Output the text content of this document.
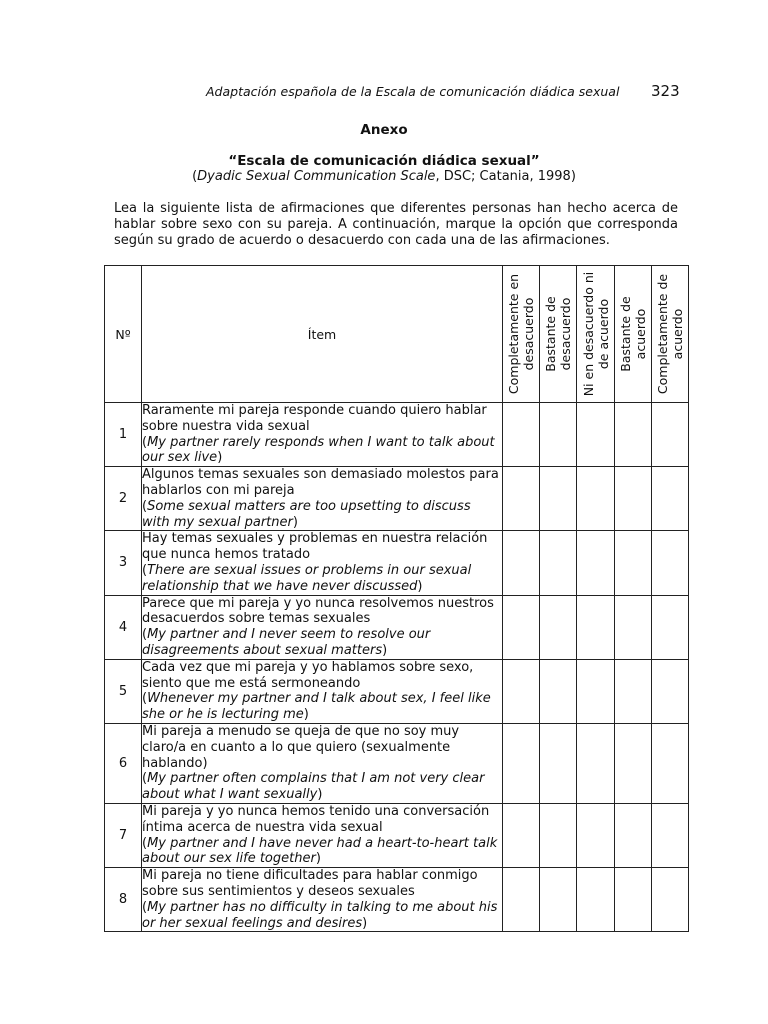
Adaptación española de la Escala de comunicación diádica sexual	323
Anexo
“Escala de comunicación diádica sexual”
(Dyadic Sexual Communication Scale, DSC; Catania, 1998)

Lea la siguiente lista de afirmaciones que diferentes personas han hecho acerca de hablar sobre sexo con su pareja. A continuación, marque la opción que corresponda según su grado de acuerdo o desacuerdo con cada una de las afirmaciones.

Nº	Ítem	Completamente en desacuerdo	Bastante de desacuerdo	Ni en desacuerdo ni de acuerdo	Bastante de acuerdo	Completamente de acuerdo

1	Raramente mi pareja responde cuando quiero hablar sobre nuestra vida sexual
(My partner rarely responds when I want to talk about our sex live)					
2	Algunos temas sexuales son demasiado molestos para hablarlos con mi pareja
(Some sexual matters are too upsetting to discuss with my sexual partner)					
3	Hay temas sexuales y problemas en nuestra relación que nunca hemos tratado
(There are sexual issues or problems in our sexual relationship that we have never discussed)					
4	Parece que mi pareja y yo nunca resolvemos nuestros desacuerdos sobre temas sexuales
(My partner and I never seem to resolve our disagreements about sexual matters)					
5	Cada vez que mi pareja y yo hablamos sobre sexo, siento que me está sermoneando
(Whenever my partner and I talk about sex, I feel like she or he is lecturing me)					
6	Mi pareja a menudo se queja de que no soy muy claro/a en cuanto a lo que quiero (sexualmente hablando)
(My partner often complains that I am not very clear about what I want sexually)					
7	Mi pareja y yo nunca hemos tenido una conversación íntima acerca de nuestra vida sexual
(My partner and I have never had a heart-to-heart talk about our sex life together)					
8	Mi pareja no tiene dificultades para hablar conmigo sobre sus sentimientos y deseos sexuales
(My partner has no difficulty in talking to me about his or her sexual feelings and desires)					
